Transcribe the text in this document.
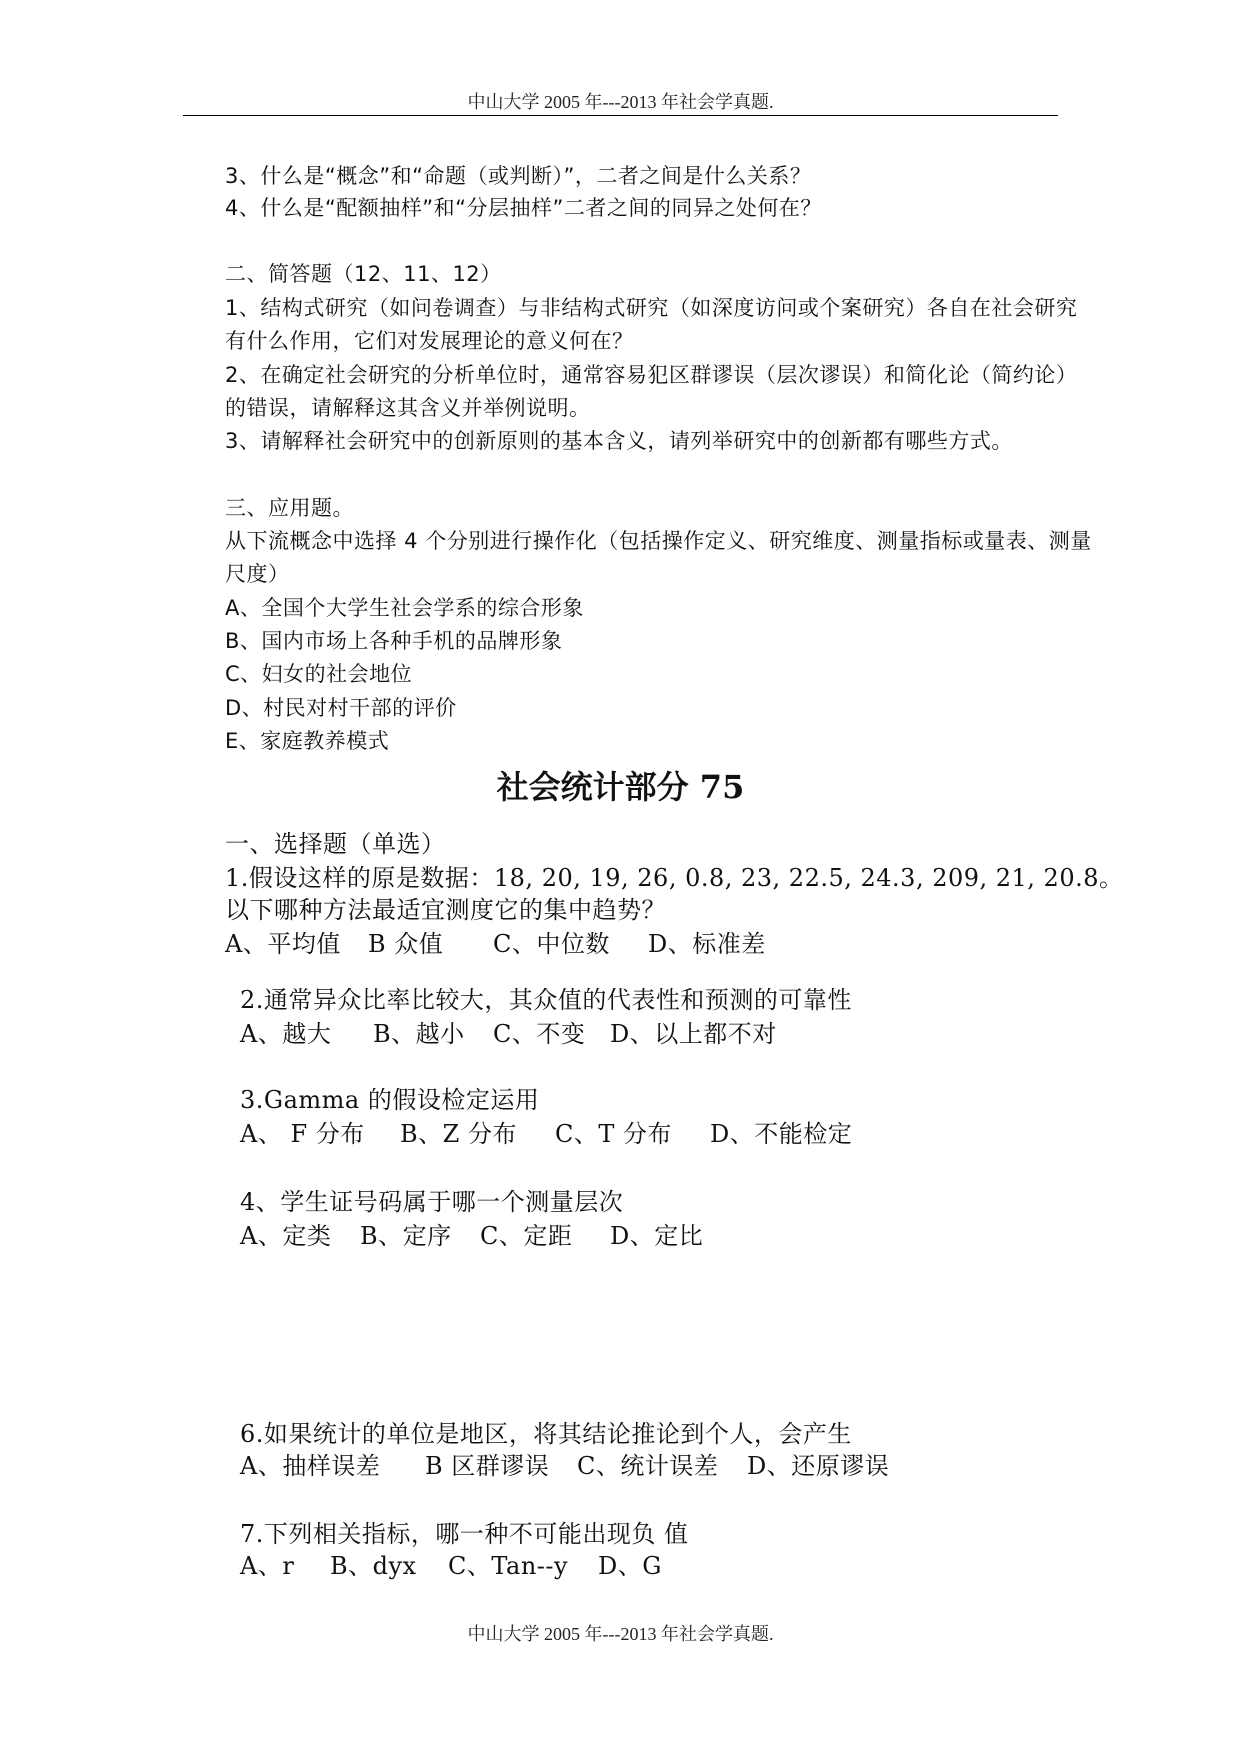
中山大学 2005 年---2013 年社会学真题.
3、什么是“概念”和“命题（或判断）”，二者之间是什么关系？
4、什么是“配额抽样”和“分层抽样”二者之间的同异之处何在？
二、简答题（12、11、12）
1、结构式研究（如问卷调查）与非结构式研究（如深度访问或个案研究）各自在社会研究
有什么作用，它们对发展理论的意义何在？
2、在确定社会研究的分析单位时，通常容易犯区群谬误（层次谬误）和简化论（简约论）
的错误，请解释这其含义并举例说明。
3、请解释社会研究中的创新原则的基本含义，请列举研究中的创新都有哪些方式。
三、应用题。
从下流概念中选择 4 个分别进行操作化（包括操作定义、研究维度、测量指标或量表、测量
尺度）
A、全国个大学生社会学系的综合形象
B、国内市场上各种手机的品牌形象
C、妇女的社会地位
D、村民对村干部的评价
E、家庭教养模式
社会统计部分 75
一、选择题（单选）
1.假设这样的原是数据：18, 20, 19, 26, 0.8, 23, 22.5, 24.3, 209, 21, 20.8。
以下哪种方法最适宜测度它的集中趋势？
A、平均值 B 众值 C、中位数 D、标准差
2.通常异众比率比较大，其众值的代表性和预测的可靠性
A、越大 B、越小 C、不变 D、以上都不对
3.Gamma 的假设检定运用
A、 F 分布 B、Z 分布 C、T 分布 D、不能检定
4、学生证号码属于哪一个测量层次
A、定类 B、定序 C、定距 D、定比
6.如果统计的单位是地区，将其结论推论到个人，会产生
A、抽样误差 B 区群谬误 C、统计误差 D、还原谬误
7.下列相关指标，哪一种不可能出现负 值
A、r B、dyx C、Tan--y D、G
中山大学 2005 年---2013 年社会学真题.
